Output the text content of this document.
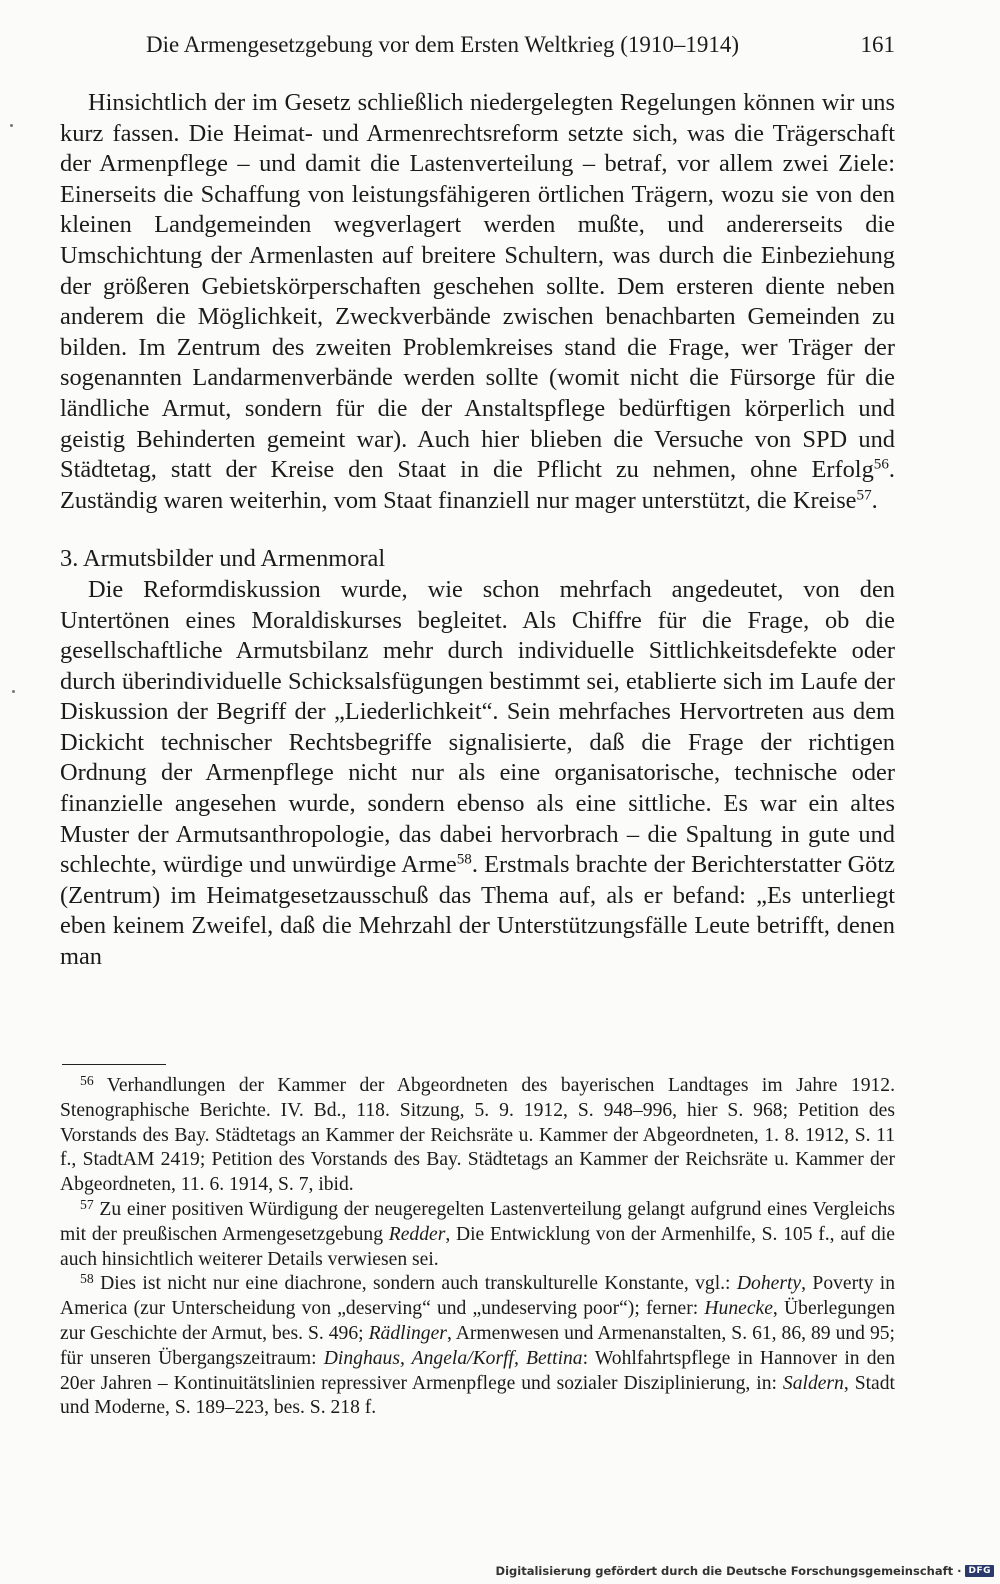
Die Armengesetzgebung vor dem Ersten Weltkrieg (1910–1914)	161

Hinsichtlich der im Gesetz schließlich niedergelegten Regelungen können wir uns kurz fassen. Die Heimat- und Armenrechtsreform setzte sich, was die Trägerschaft der Armenpflege – und damit die Lastenverteilung – betraf, vor allem zwei Ziele: Einerseits die Schaffung von leistungsfähigeren örtlichen Trägern, wozu sie von den kleinen Landgemeinden wegverlagert werden mußte, und andererseits die Umschichtung der Armenlasten auf breitere Schultern, was durch die Einbeziehung der größeren Gebietskörperschaften geschehen sollte. Dem ersteren diente neben anderem die Möglichkeit, Zweckverbände zwischen benachbarten Gemeinden zu bilden. Im Zentrum des zweiten Problemkreises stand die Frage, wer Träger der sogenannten Landarmenverbände werden sollte (womit nicht die Fürsorge für die ländliche Armut, sondern für die der Anstaltspflege bedürftigen körperlich und geistig Behinderten gemeint war). Auch hier blieben die Versuche von SPD und Städtetag, statt der Kreise den Staat in die Pflicht zu nehmen, ohne Erfolg$^{56}$. Zuständig waren weiterhin, vom Staat finanziell nur mager unterstützt, die Kreise$^{57}$.

3. Armutsbilder und Armenmoral

Die Reformdiskussion wurde, wie schon mehrfach angedeutet, von den Untertönen eines Moraldiskurses begleitet. Als Chiffre für die Frage, ob die gesellschaftliche Armutsbilanz mehr durch individuelle Sittlichkeitsdefekte oder durch überindividuelle Schicksalsfügungen bestimmt sei, etablierte sich im Laufe der Diskussion der Begriff der „Liederlichkeit“. Sein mehrfaches Hervortreten aus dem Dickicht technischer Rechtsbegriffe signalisierte, daß die Frage der richtigen Ordnung der Armenpflege nicht nur als eine organisatorische, technische oder finanzielle angesehen wurde, sondern ebenso als eine sittliche. Es war ein altes Muster der Armutsanthropologie, das dabei hervorbrach – die Spaltung in gute und schlechte, würdige und unwürdige Arme$^{58}$. Erstmals brachte der Berichterstatter Götz (Zentrum) im Heimatgesetzausschuß das Thema auf, als er befand: „Es unterliegt eben keinem Zweifel, daß die Mehrzahl der Unterstützungsfälle Leute betrifft, denen man

$^{56}$ Verhandlungen der Kammer der Abgeordneten des bayerischen Landtages im Jahre 1912. Stenographische Berichte. IV. Bd., 118. Sitzung, 5. 9. 1912, S. 948–996, hier S. 968; Petition des Vorstands des Bay. Städtetags an Kammer der Reichsräte u. Kammer der Abgeordneten, 1. 8. 1912, S. 11 f., StadtAM 2419; Petition des Vorstands des Bay. Städtetags an Kammer der Reichsräte u. Kammer der Abgeordneten, 11. 6. 1914, S. 7, ibid.

$^{57}$ Zu einer positiven Würdigung der neugeregelten Lastenverteilung gelangt aufgrund eines Vergleichs mit der preußischen Armengesetzgebung Redder, Die Entwicklung von der Armenhilfe, S. 105 f., auf die auch hinsichtlich weiterer Details verwiesen sei.

$^{58}$ Dies ist nicht nur eine diachrone, sondern auch transkulturelle Konstante, vgl.: Doherty, Poverty in America (zur Unterscheidung von „deserving“ und „undeserving poor“); ferner: Hunecke, Überlegungen zur Geschichte der Armut, bes. S. 496; Rädlinger, Armenwesen und Armenanstalten, S. 61, 86, 89 und 95; für unseren Übergangszeitraum: Dinghaus, Angela/Korff, Bettina: Wohlfahrtspflege in Hannover in den 20er Jahren – Kontinuitätslinien repressiver Armenpflege und sozialer Disziplinierung, in: Saldern, Stadt und Moderne, S. 189–223, bes. S. 218 f.

Digitalisierung gefördert durch die Deutsche Forschungsgemeinschaft · DFG
